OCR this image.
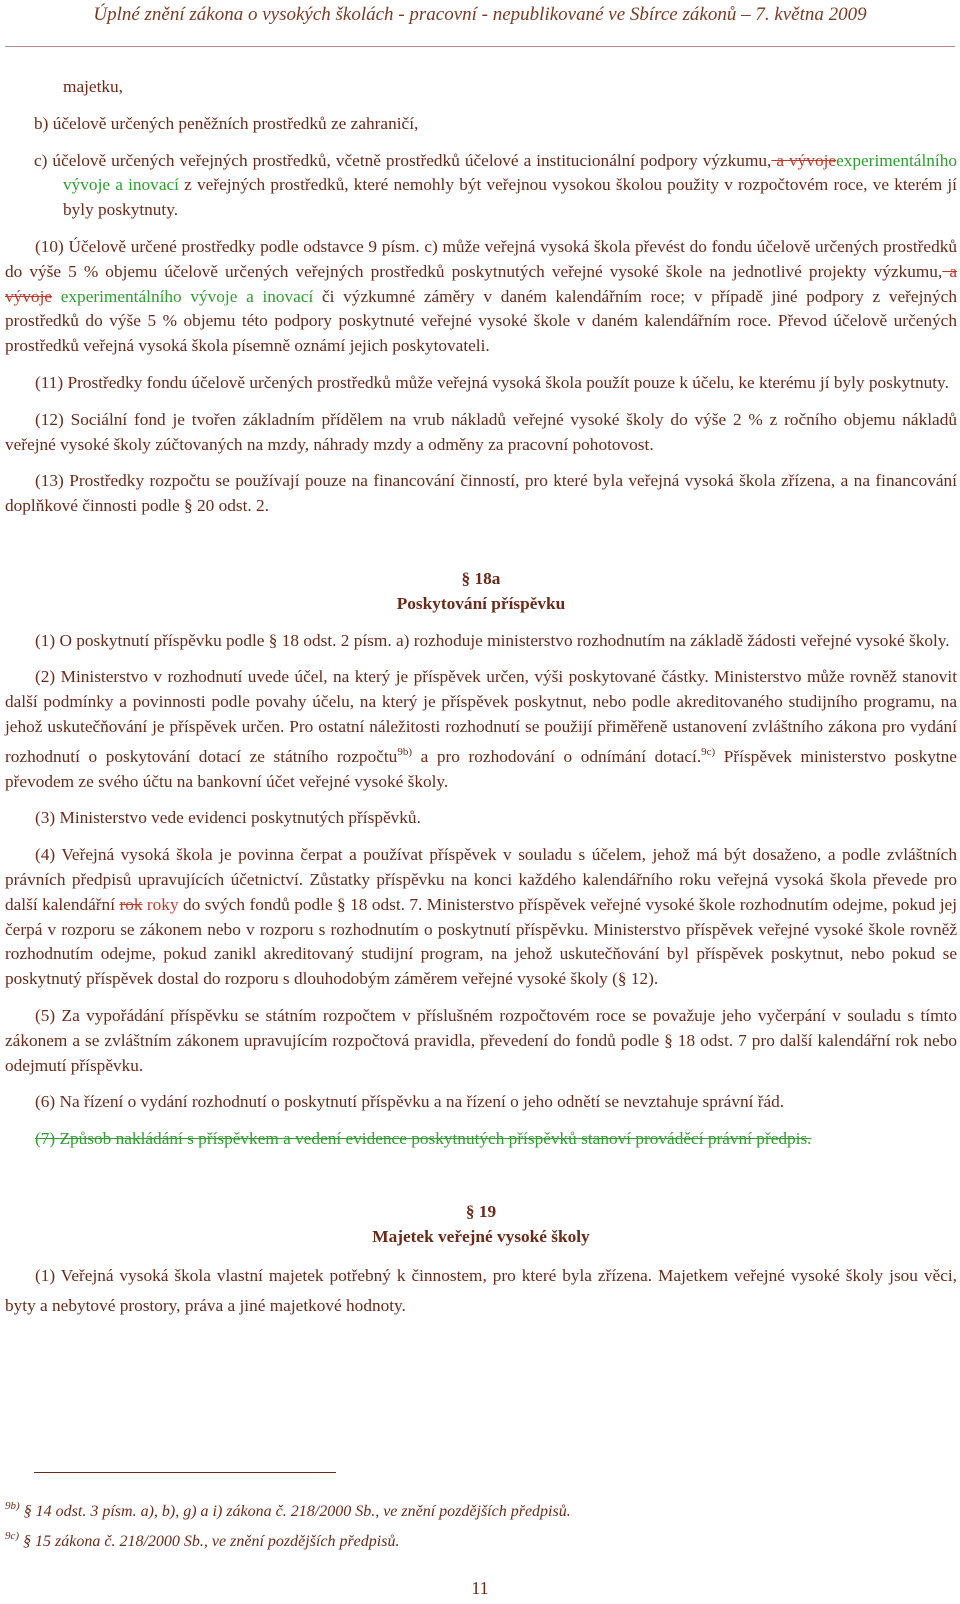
Úplné znění zákona o vysokých školách - pracovní - nepublikované ve Sbírce zákonů – 7. května 2009

majetku,

b) účelově určených peněžních prostředků ze zahraničí,

c) účelově určených veřejných prostředků, včetně prostředků účelové a institucionální podpory výzkumu, a vývojeexperimentálního vývoje a inovací z veřejných prostředků, které nemohly být veřejnou vysokou školou použity v rozpočtovém roce, ve kterém jí byly poskytnuty.

(10) Účelově určené prostředky podle odstavce 9 písm. c) může veřejná vysoká škola převést do fondu účelově určených prostředků do výše 5 % objemu účelově určených veřejných prostředků poskytnutých veřejné vysoké škole na jednotlivé projekty výzkumu, a vývoje experimentálního vývoje a inovací či výzkumné záměry v daném kalendářním roce; v případě jiné podpory z veřejných prostředků do výše 5 % objemu této podpory poskytnuté veřejné vysoké škole v daném kalendářním roce. Převod účelově určených prostředků veřejná vysoká škola písemně oznámí jejich poskytovateli.

(11) Prostředky fondu účelově určených prostředků může veřejná vysoká škola použít pouze k účelu, ke kterému jí byly poskytnuty.

(12) Sociální fond je tvořen základním přídělem na vrub nákladů veřejné vysoké školy do výše 2 % z ročního objemu nákladů veřejné vysoké školy zúčtovaných na mzdy, náhrady mzdy a odměny za pracovní pohotovost.

(13) Prostředky rozpočtu se používají pouze na financování činností, pro které byla veřejná vysoká škola zřízena, a na financování doplňkové činnosti podle § 20 odst. 2.

§ 18a

Poskytování příspěvku

(1) O poskytnutí příspěvku podle § 18 odst. 2 písm. a) rozhoduje ministerstvo rozhodnutím na základě žádosti veřejné vysoké školy.

(2) Ministerstvo v rozhodnutí uvede účel, na který je příspěvek určen, výši poskytované částky. Ministerstvo může rovněž stanovit další podmínky a povinnosti podle povahy účelu, na který je příspěvek poskytnut, nebo podle akreditovaného studijního programu, na jehož uskutečňování je příspěvek určen. Pro ostatní náležitosti rozhodnutí se použijí přiměřeně ustanovení zvláštního zákona pro vydání rozhodnutí o poskytování dotací ze státního rozpočtu$^{9b)}$ a pro rozhodování o odnímání dotací.$^{9c)}$ Příspěvek ministerstvo poskytne převodem ze svého účtu na bankovní účet veřejné vysoké školy.

(3) Ministerstvo vede evidenci poskytnutých příspěvků.

(4) Veřejná vysoká škola je povinna čerpat a používat příspěvek v souladu s účelem, jehož má být dosaženo, a podle zvláštních právních předpisů upravujících účetnictví. Zůstatky příspěvku na konci každého kalendářního roku veřejná vysoká škola převede pro další kalendářní rok roky do svých fondů podle § 18 odst. 7. Ministerstvo příspěvek veřejné vysoké škole rozhodnutím odejme, pokud jej čerpá v rozporu se zákonem nebo v rozporu s rozhodnutím o poskytnutí příspěvku. Ministerstvo příspěvek veřejné vysoké škole rovněž rozhodnutím odejme, pokud zanikl akreditovaný studijní program, na jehož uskutečňování byl příspěvek poskytnut, nebo pokud se poskytnutý příspěvek dostal do rozporu s dlouhodobým záměrem veřejné vysoké školy (§ 12).

(5) Za vypořádání příspěvku se státním rozpočtem v příslušném rozpočtovém roce se považuje jeho vyčerpání v souladu s tímto zákonem a se zvláštním zákonem upravujícím rozpočtová pravidla, převedení do fondů podle § 18 odst. 7 pro další kalendářní rok nebo odejmutí příspěvku.

(6) Na řízení o vydání rozhodnutí o poskytnutí příspěvku a na řízení o jeho odnětí se nevztahuje správní řád.

(7) Způsob nakládání s příspěvkem a vedení evidence poskytnutých příspěvků stanoví prováděcí právní předpis.

§ 19

Majetek veřejné vysoké školy

(1) Veřejná vysoká škola vlastní majetek potřebný k činnostem, pro které byla zřízena. Majetkem veřejné vysoké školy jsou věci, byty a nebytové prostory, práva a jiné majetkové hodnoty.

$^{9b)}$ § 14 odst. 3 písm. a), b), g) a i) zákona č. 218/2000 Sb., ve znění pozdějších předpisů.
$^{9c)}$ § 15 zákona č. 218/2000 Sb., ve znění pozdějších předpisů.
11
